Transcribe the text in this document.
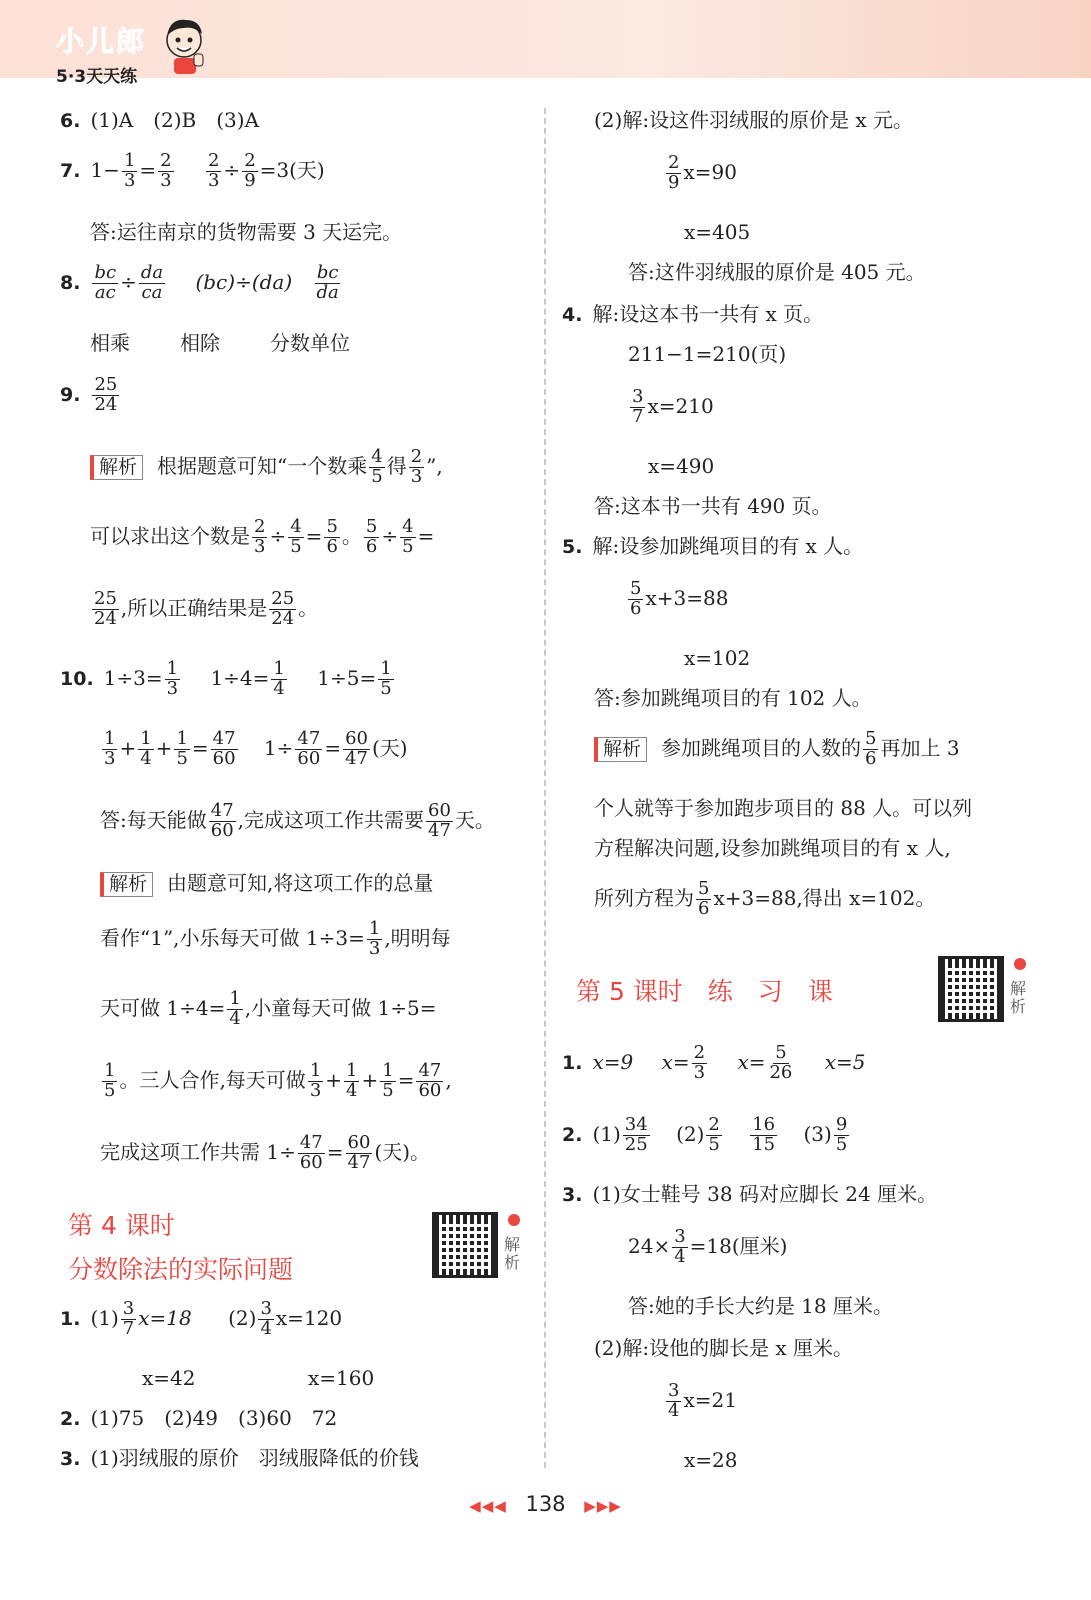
小儿郎
5·3天天练
6. (1)A　(2)B　(3)A
7. $1- \frac{1}{3} = \frac{2}{3}$
$\frac{2}{3} \div \frac{2}{9} =3$(天)
答:运往南京的货物需要 3 天运完。
8. $\frac{bc}{ac} \div \frac{da}{ca} (bc)\div(da) \frac{bc}{da}$
相乘	相除	分数单位
9. $\frac{25}{24}$
解析 根据题意可知“一个数乘 $\frac{4}{5}$ 得 $\frac{2}{3}$ ”,
可以求出这个数是 $\frac{2}{3} \div \frac{4}{5} = \frac{5}{6}$ 。 $\frac{5}{6} \div \frac{4}{5}$ =
$\frac{25}{24}$ ,所以正确结果是 $\frac{25}{24}$ 。
10. $1\div 3= \frac{1}{3} 1\div 4= \frac{1}{4} 1\div 5= \frac{1}{5}$
$\frac{1}{3} + \frac{1}{4} + \frac{1}{5} = \frac{47}{60} 1\div \frac{47}{60} = \frac{60}{47}$ (天)
答:每天能做 $\frac{47}{60}$ ,完成这项工作共需要 $\frac{60}{47}$ 天。
解析 由题意可知,将这项工作的总量
看作“1”,小乐每天可做 $1\div 3= \frac{1}{3}$ ,明明每
天可做 $1\div 4= \frac{1}{4}$ ,小童每天可做 1÷5=
$\frac{1}{5}$ 。三人合作,每天可做 $\frac{1}{3} + \frac{1}{4} + \frac{1}{5} = \frac{47}{60}$ ,
完成这项工作共需 $1\div \frac{47}{60} = \frac{60}{47}$ (天)。
第 4 课时
分数除法的实际问题
解析
1. $(1) \frac{3}{7} x=18$ $(2) \frac{3}{4} x=120$
x=42	x=160
2. (1)75　(2)49　(3)60　72
3. (1)羽绒服的原价　羽绒服降低的价钱
(2)解:设这件羽绒服的原价是 x 元。
$\frac{2}{9} x=90$
x=405
答:这件羽绒服的原价是 405 元。
4. 解:设这本书一共有 x 页。
211−1=210(页)
$\frac{3}{7} x=210$
x=490
答:这本书一共有 490 页。
5. 解:设参加跳绳项目的有 x 人。
$\frac{5}{6} x+3=88$
x=102
答:参加跳绳项目的有 102 人。
解析 参加跳绳项目的人数的 $\frac{5}{6}$ 再加上 3
个人就等于参加跑步项目的 88 人。可以列
方程解决问题,设参加跳绳项目的有 x 人,
所列方程为 $\frac{5}{6} x+3=88$,得出 x=102。
第 5 课时　练　习　课	解析
1. x=9 $x= \frac{2}{3} x= \frac{5}{26} x=5$
2. $(1) \frac{34}{25} (2) \frac{2}{5}$
$\frac{16}{15} (3) \frac{9}{5}$
3. (1)女士鞋号 38 码对应脚长 24 厘米。
$24\times \frac{3}{4} =18$(厘米)
答:她的手长大约是 18 厘米。
(2)解:设他的脚长是 x 厘米。
$\frac{3}{4} x=21$
x=28
◀◀◀ 138 ▶▶▶
